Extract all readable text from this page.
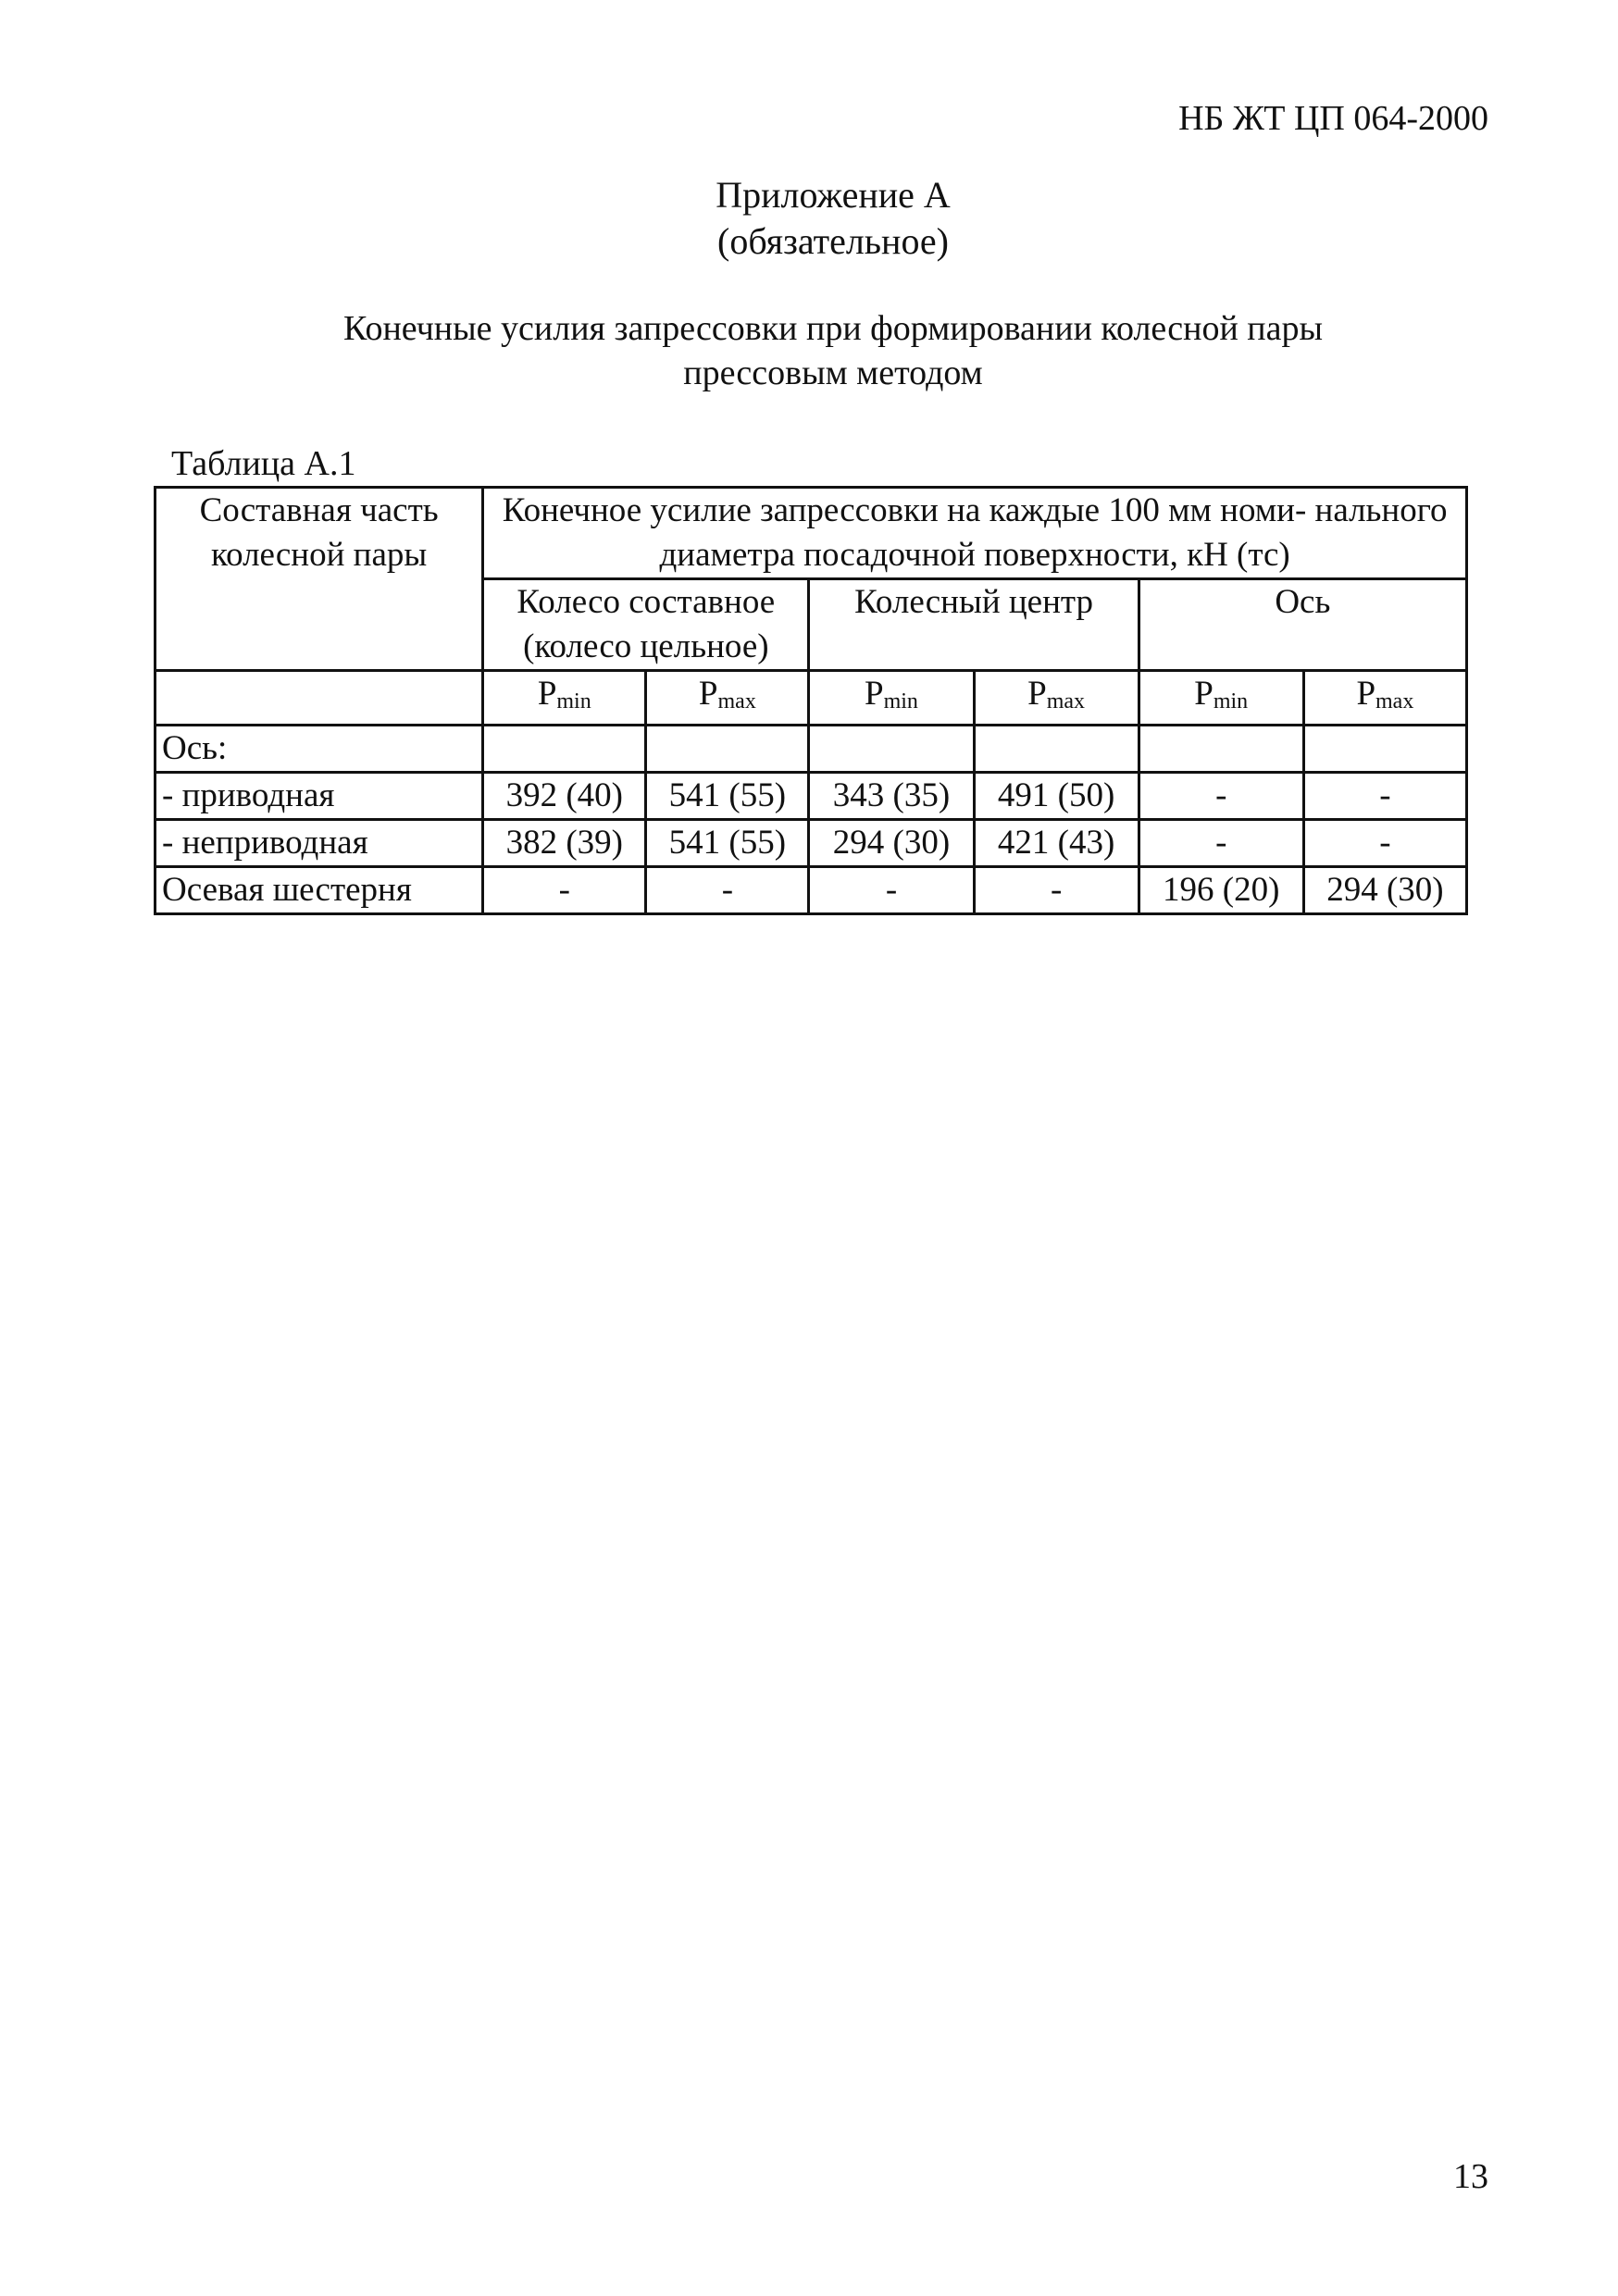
НБ ЖТ ЦП 064-2000
Приложение А
(обязательное)
Конечные усилия запрессовки при формировании колесной пары
прессовым методом
Таблица А.1
Составная часть колесной пары	Конечное усилие запрессовки на каждые 100 мм номи- нального диаметра посадочной поверхности, кН (тс)					
	Колесо составное (колесо цельное)		Колесный центр		Ось	
	$P_{min}$	$P_{max}$	$P_{min}$	$P_{max}$	$P_{min}$	$P_{max}$
Ось:						
- приводная	392 (40)	541 (55)	343 (35)	491 (50)	-	-
- неприводная	382 (39)	541 (55)	294 (30)	421 (43)	-	-
Осевая шестерня	-	-	-	-	196 (20)	294 (30)
13
